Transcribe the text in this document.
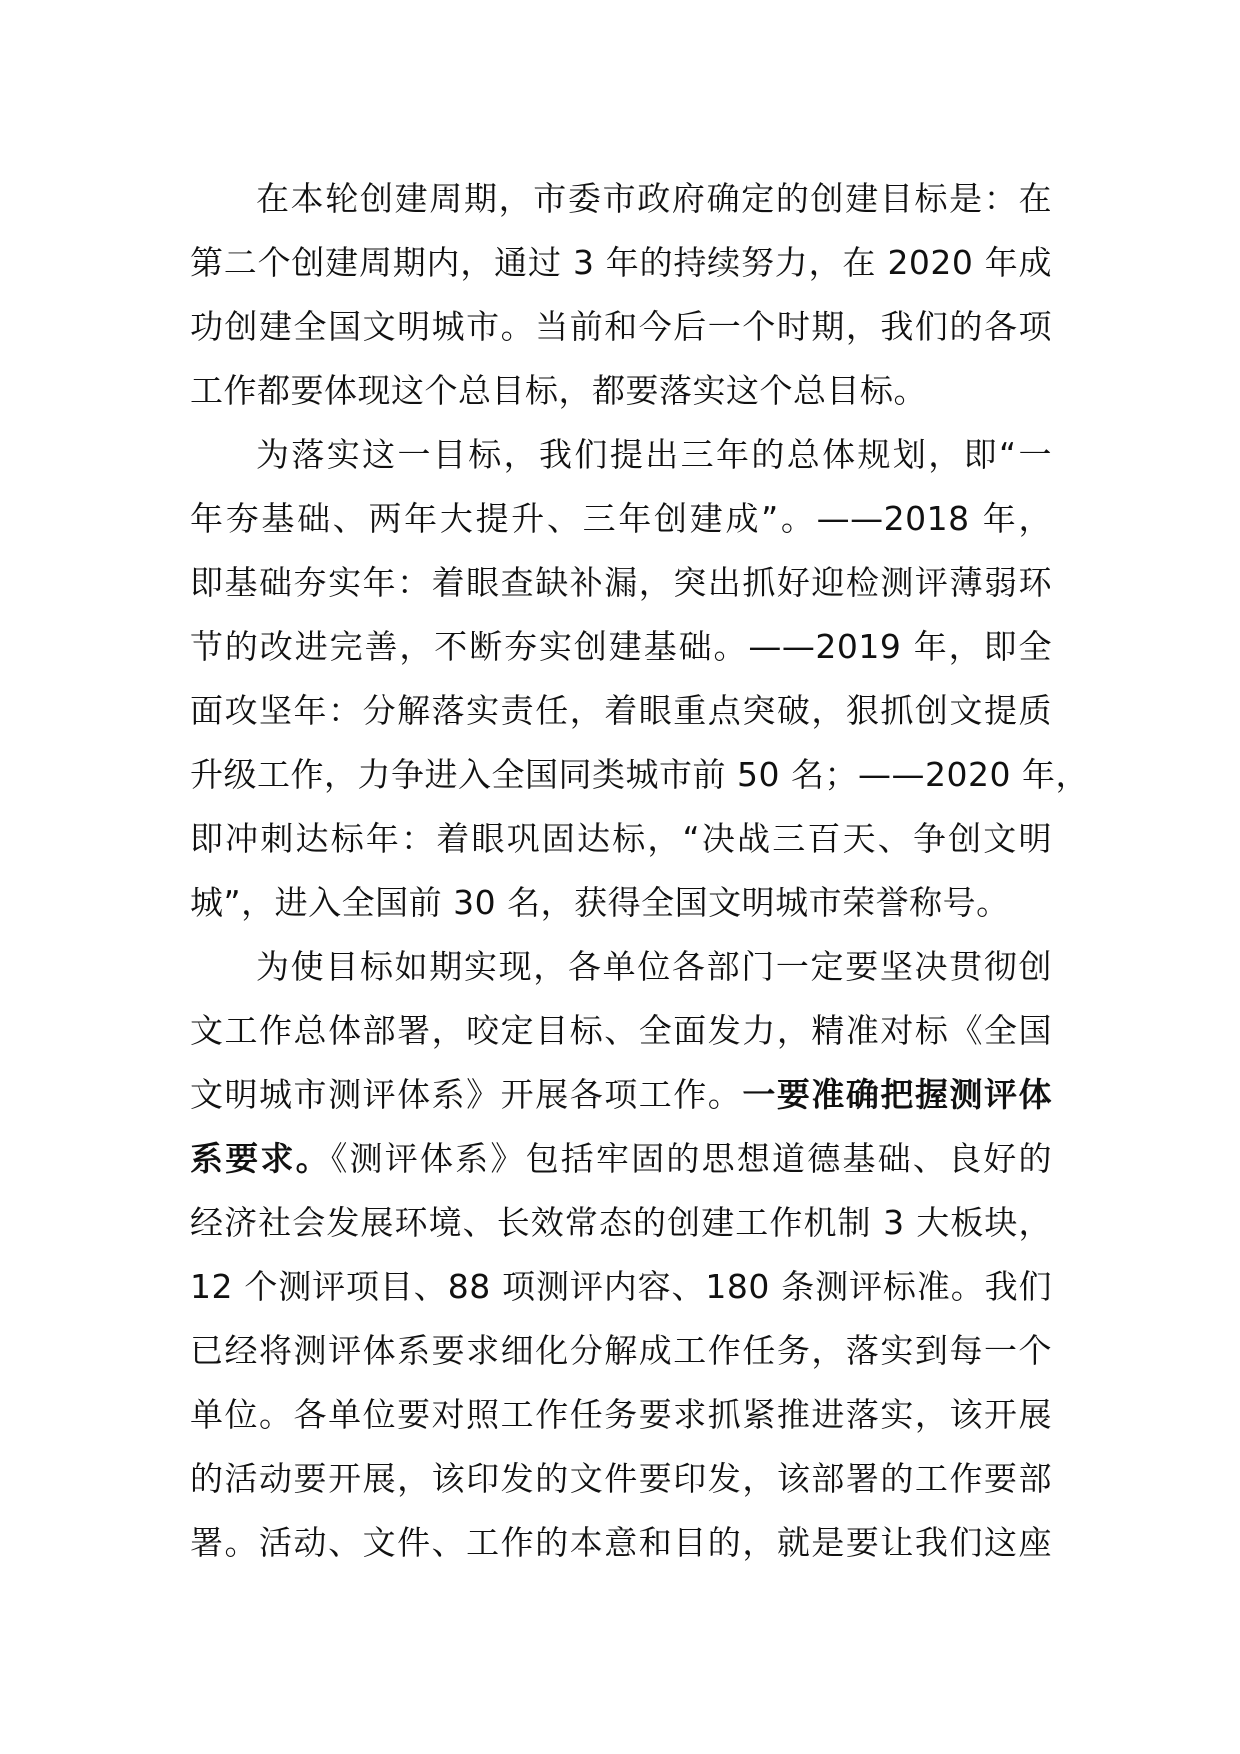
在本轮创建周期，市委市政府确定的创建目标是：在
第二个创建周期内，通过 3 年的持续努力，在 2020 年成
功创建全国文明城市。当前和今后一个时期，我们的各项
工作都要体现这个总目标，都要落实这个总目标。
为落实这一目标，我们提出三年的总体规划，即“一
年夯基础、两年大提升、三年创建成”。——2018 年，
即基础夯实年：着眼查缺补漏，突出抓好迎检测评薄弱环
节的改进完善，不断夯实创建基础。——2019 年，即全
面攻坚年：分解落实责任，着眼重点突破，狠抓创文提质
升级工作，力争进入全国同类城市前 50 名；——2020 年，
即冲刺达标年：着眼巩固达标，“决战三百天、争创文明
城”，进入全国前 30 名，获得全国文明城市荣誉称号。
为使目标如期实现，各单位各部门一定要坚决贯彻创
文工作总体部署，咬定目标、全面发力，精准对标《全国
文明城市测评体系》开展各项工作。一要准确把握测评体
系要求。《测评体系》包括牢固的思想道德基础、良好的
经济社会发展环境、长效常态的创建工作机制 3 大板块，
12 个测评项目、88 项测评内容、180 条测评标准。我们
已经将测评体系要求细化分解成工作任务，落实到每一个
单位。各单位要对照工作任务要求抓紧推进落实，该开展
的活动要开展，该印发的文件要印发，该部署的工作要部
署。活动、文件、工作的本意和目的，就是要让我们这座
